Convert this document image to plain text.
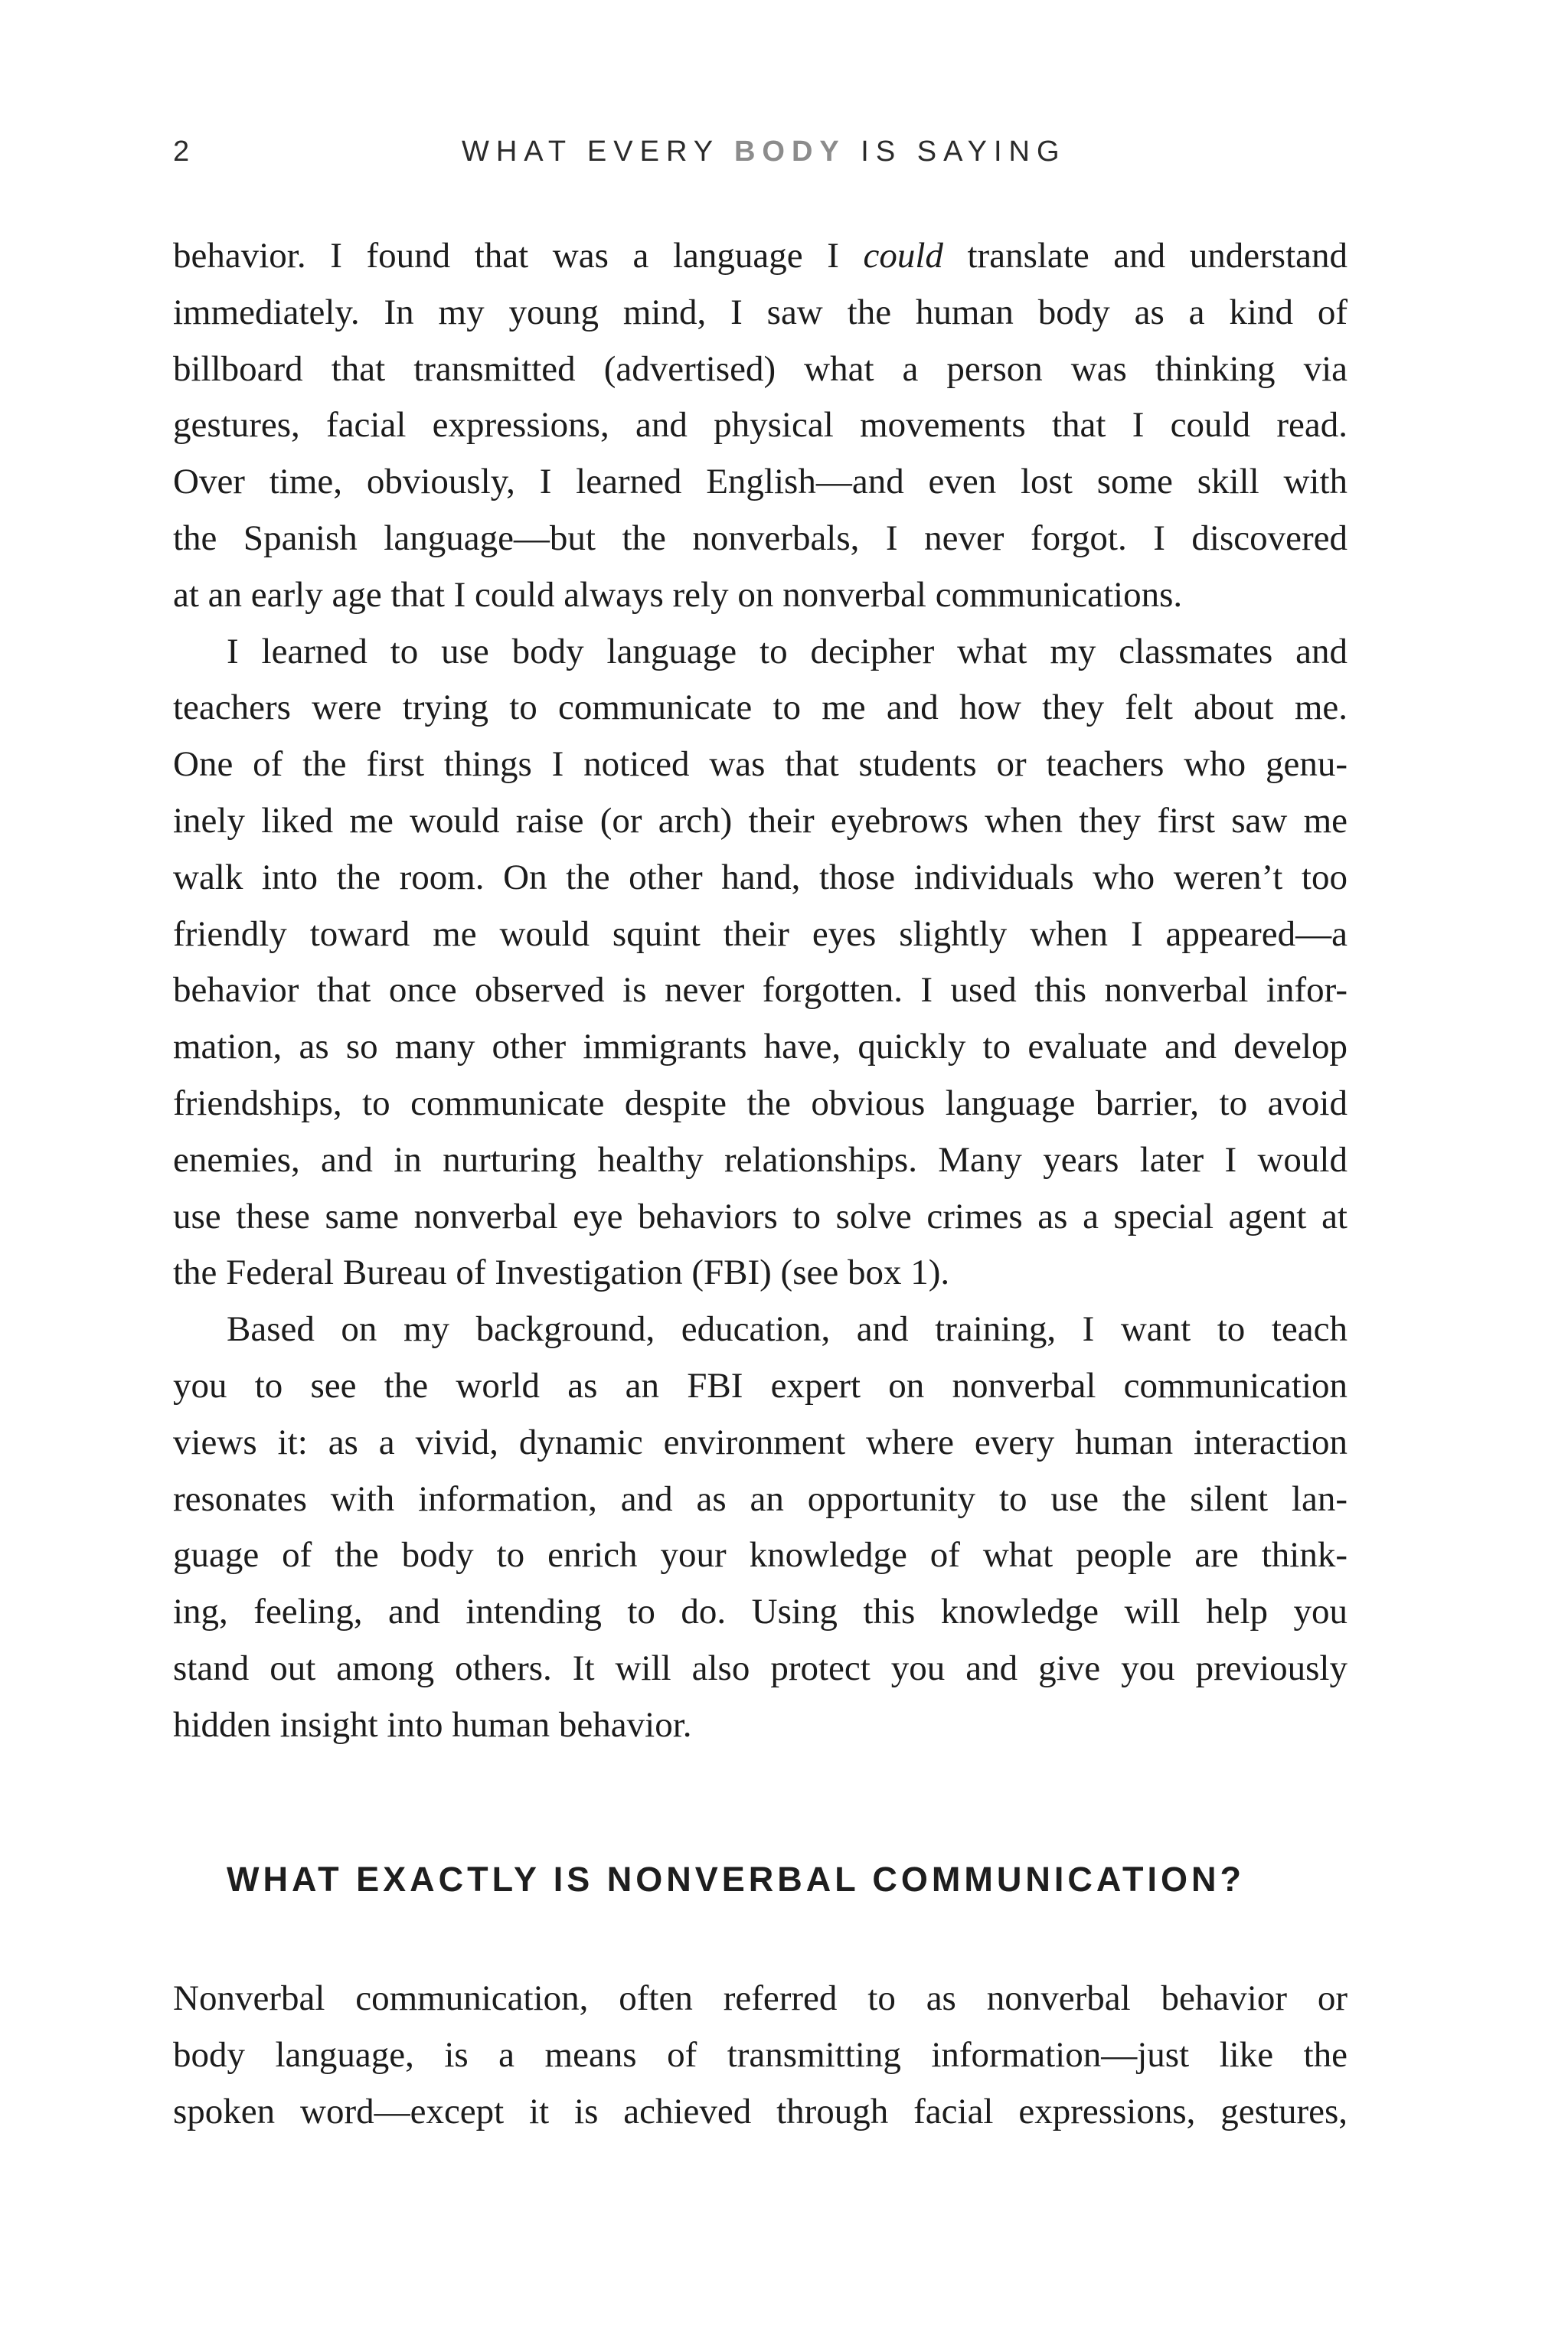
2	WHAT EVERY BODY IS SAYING
behavior. I found that was a language I could translate and understand
immediately. In my young mind, I saw the human body as a kind of
billboard that transmitted (advertised) what a person was thinking via
gestures, facial expressions, and physical movements that I could read.
Over time, obviously, I learned English—and even lost some skill with
the Spanish language—but the nonverbals, I never forgot. I discovered
at an early age that I could always rely on nonverbal communications.
I learned to use body language to decipher what my classmates and
teachers were trying to communicate to me and how they felt about me.
One of the first things I noticed was that students or teachers who genu-
inely liked me would raise (or arch) their eyebrows when they first saw me
walk into the room. On the other hand, those individuals who weren’t too
friendly toward me would squint their eyes slightly when I appeared—a
behavior that once observed is never forgotten. I used this nonverbal infor-
mation, as so many other immigrants have, quickly to evaluate and develop
friendships, to communicate despite the obvious language barrier, to avoid
enemies, and in nurturing healthy relationships. Many years later I would
use these same nonverbal eye behaviors to solve crimes as a special agent at
the Federal Bureau of Investigation (FBI) (see box 1).
Based on my background, education, and training, I want to teach
you to see the world as an FBI expert on nonverbal communication
views it: as a vivid, dynamic environment where every human interaction
resonates with information, and as an opportunity to use the silent lan-
guage of the body to enrich your knowledge of what people are think-
ing, feeling, and intending to do. Using this knowledge will help you
stand out among others. It will also protect you and give you previously
hidden insight into human behavior.
WHAT EXACTLY IS NONVERBAL COMMUNICATION?
Nonverbal communication, often referred to as nonverbal behavior or
body language, is a means of transmitting information—just like the
spoken word—except it is achieved through facial expressions, gestures,
